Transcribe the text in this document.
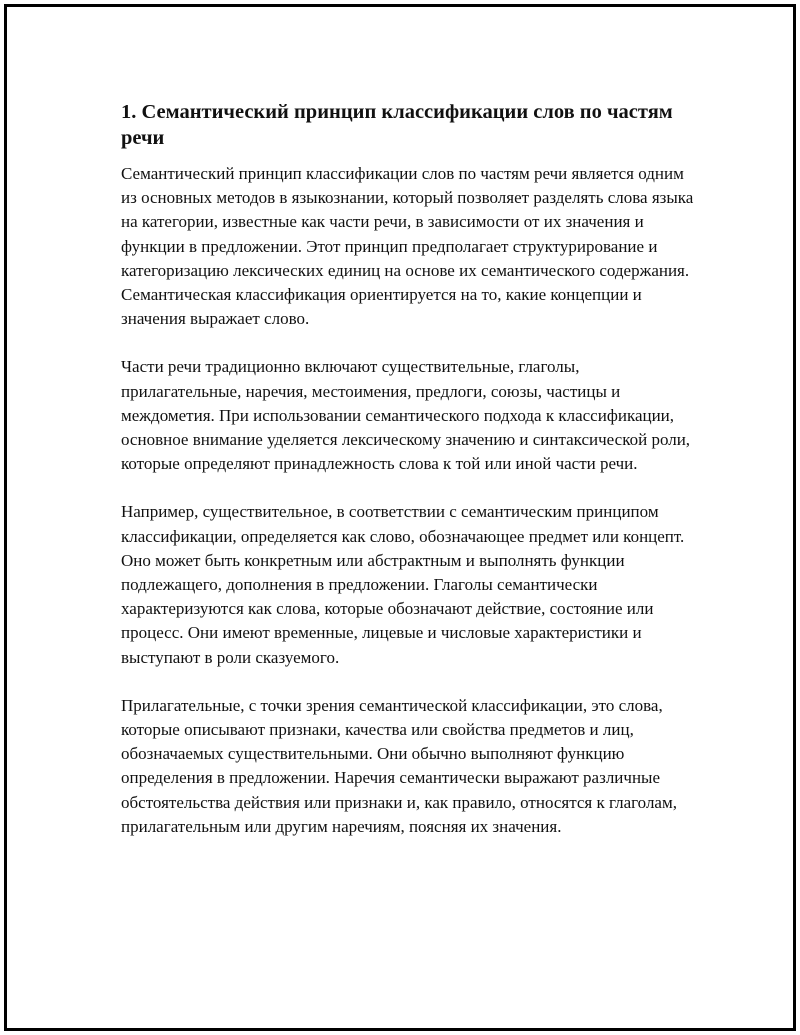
1. Семантический принцип классификации слов по частям речи

Семантический принцип классификации слов по частям речи является одним из основных методов в языкознании, который позволяет разделять слова языка на категории, известные как части речи, в зависимости от их значения и функции в предложении. Этот принцип предполагает структурирование и категоризацию лексических единиц на основе их семантического содержания. Семантическая классификация ориентируется на то, какие концепции и значения выражает слово.

Части речи традиционно включают существительные, глаголы, прилагательные, наречия, местоимения, предлоги, союзы, частицы и междометия. При использовании семантического подхода к классификации, основное внимание уделяется лексическому значению и синтаксической роли, которые определяют принадлежность слова к той или иной части речи.

Например, существительное, в соответствии с семантическим принципом классификации, определяется как слово, обозначающее предмет или концепт. Оно может быть конкретным или абстрактным и выполнять функции подлежащего, дополнения в предложении. Глаголы семантически характеризуются как слова, которые обозначают действие, состояние или процесс. Они имеют временные, лицевые и числовые характеристики и выступают в роли сказуемого.

Прилагательные, с точки зрения семантической классификации, это слова, которые описывают признаки, качества или свойства предметов и лиц, обозначаемых существительными. Они обычно выполняют функцию определения в предложении. Наречия семантически выражают различные обстоятельства действия или признаки и, как правило, относятся к глаголам, прилагательным или другим наречиям, поясняя их значения.
